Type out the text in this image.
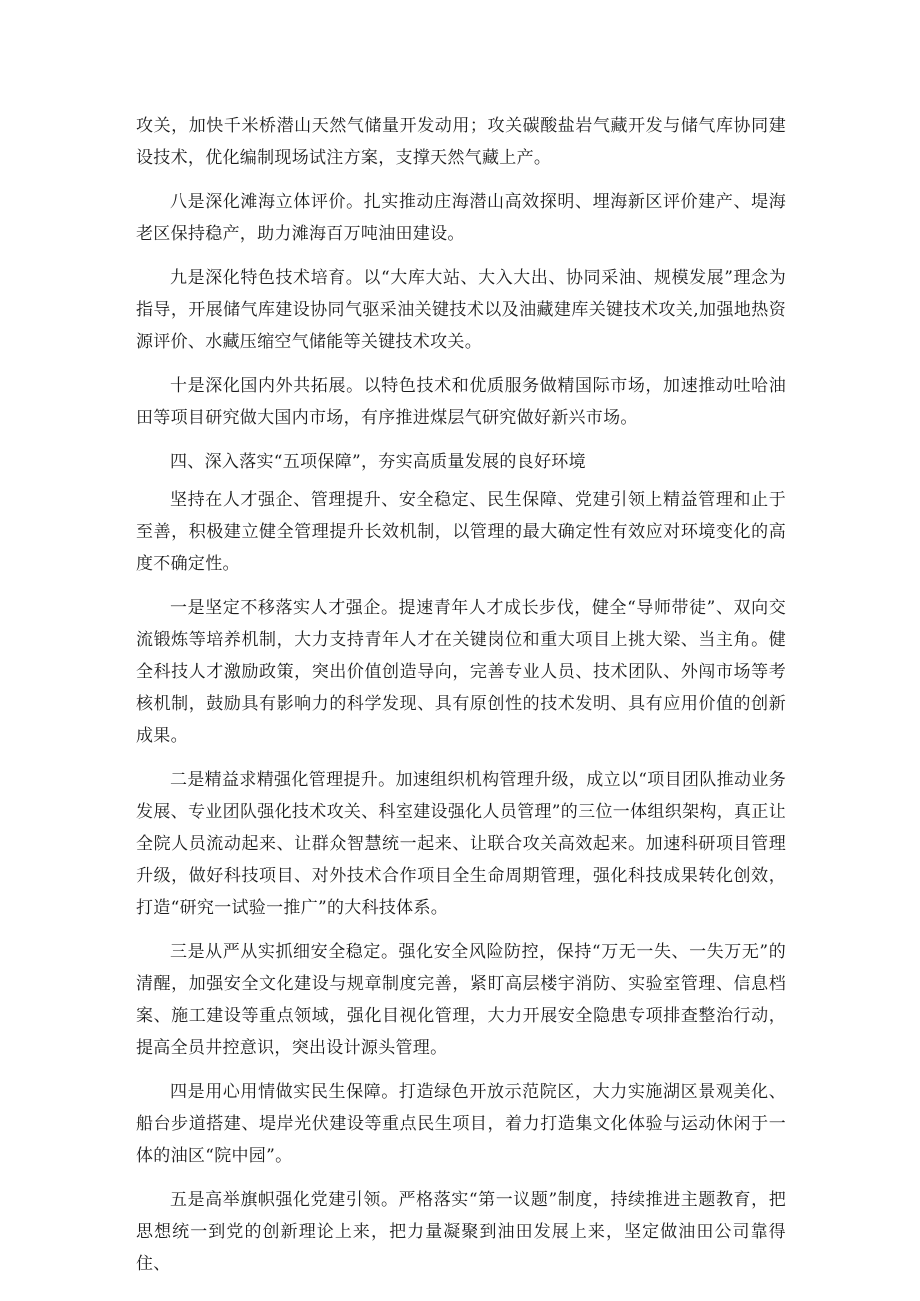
攻关，加快千米桥潜山天然气储量开发动用；攻关碳酸盐岩气藏开发与储气库协同建设技术，优化编制现场试注方案，支撑天然气藏上产。

八是深化滩海立体评价。扎实推动庄海潜山高效探明、埋海新区评价建产、堤海老区保持稳产，助力滩海百万吨油田建设。

九是深化特色技术培育。以“大库大站、大入大出、协同采油、规模发展”理念为指导，开展储气库建设协同气驱采油关键技术以及油藏建库关键技术攻关,加强地热资源评价、水藏压缩空气储能等关键技术攻关。

十是深化国内外共拓展。以特色技术和优质服务做精国际市场，加速推动吐哈油田等项目研究做大国内市场，有序推进煤层气研究做好新兴市场。

四、深入落实“五项保障”，夯实高质量发展的良好环境

坚持在人才强企、管理提升、安全稳定、民生保障、党建引领上精益管理和止于至善，积极建立健全管理提升长效机制，以管理的最大确定性有效应对环境变化的高度不确定性。

一是坚定不移落实人才强企。提速青年人才成长步伐，健全“导师带徒”、双向交流锻炼等培养机制，大力支持青年人才在关键岗位和重大项目上挑大梁、当主角。健全科技人才激励政策，突出价值创造导向，完善专业人员、技术团队、外闯市场等考核机制，鼓励具有影响力的科学发现、具有原创性的技术发明、具有应用价值的创新成果。

二是精益求精强化管理提升。加速组织机构管理升级，成立以“项目团队推动业务发展、专业团队强化技术攻关、科室建设强化人员管理”的三位一体组织架构，真正让全院人员流动起来、让群众智慧统一起来、让联合攻关高效起来。加速科研项目管理升级，做好科技项目、对外技术合作项目全生命周期管理，强化科技成果转化创效，打造“研究一试验一推广”的大科技体系。

三是从严从实抓细安全稳定。强化安全风险防控，保持“万无一失、一失万无”的清醒，加强安全文化建设与规章制度完善，紧盯高层楼宇消防、实验室管理、信息档案、施工建设等重点领域，强化目视化管理，大力开展安全隐患专项排查整治行动，提高全员井控意识，突出设计源头管理。

四是用心用情做实民生保障。打造绿色开放示范院区，大力实施湖区景观美化、船台步道搭建、堤岸光伏建设等重点民生项目，着力打造集文化体验与运动休闲于一体的油区“院中园”。

五是高举旗帜强化党建引领。严格落实“第一议题”制度，持续推进主题教育，把思想统一到党的创新理论上来，把力量凝聚到油田发展上来，坚定做油田公司靠得住、
